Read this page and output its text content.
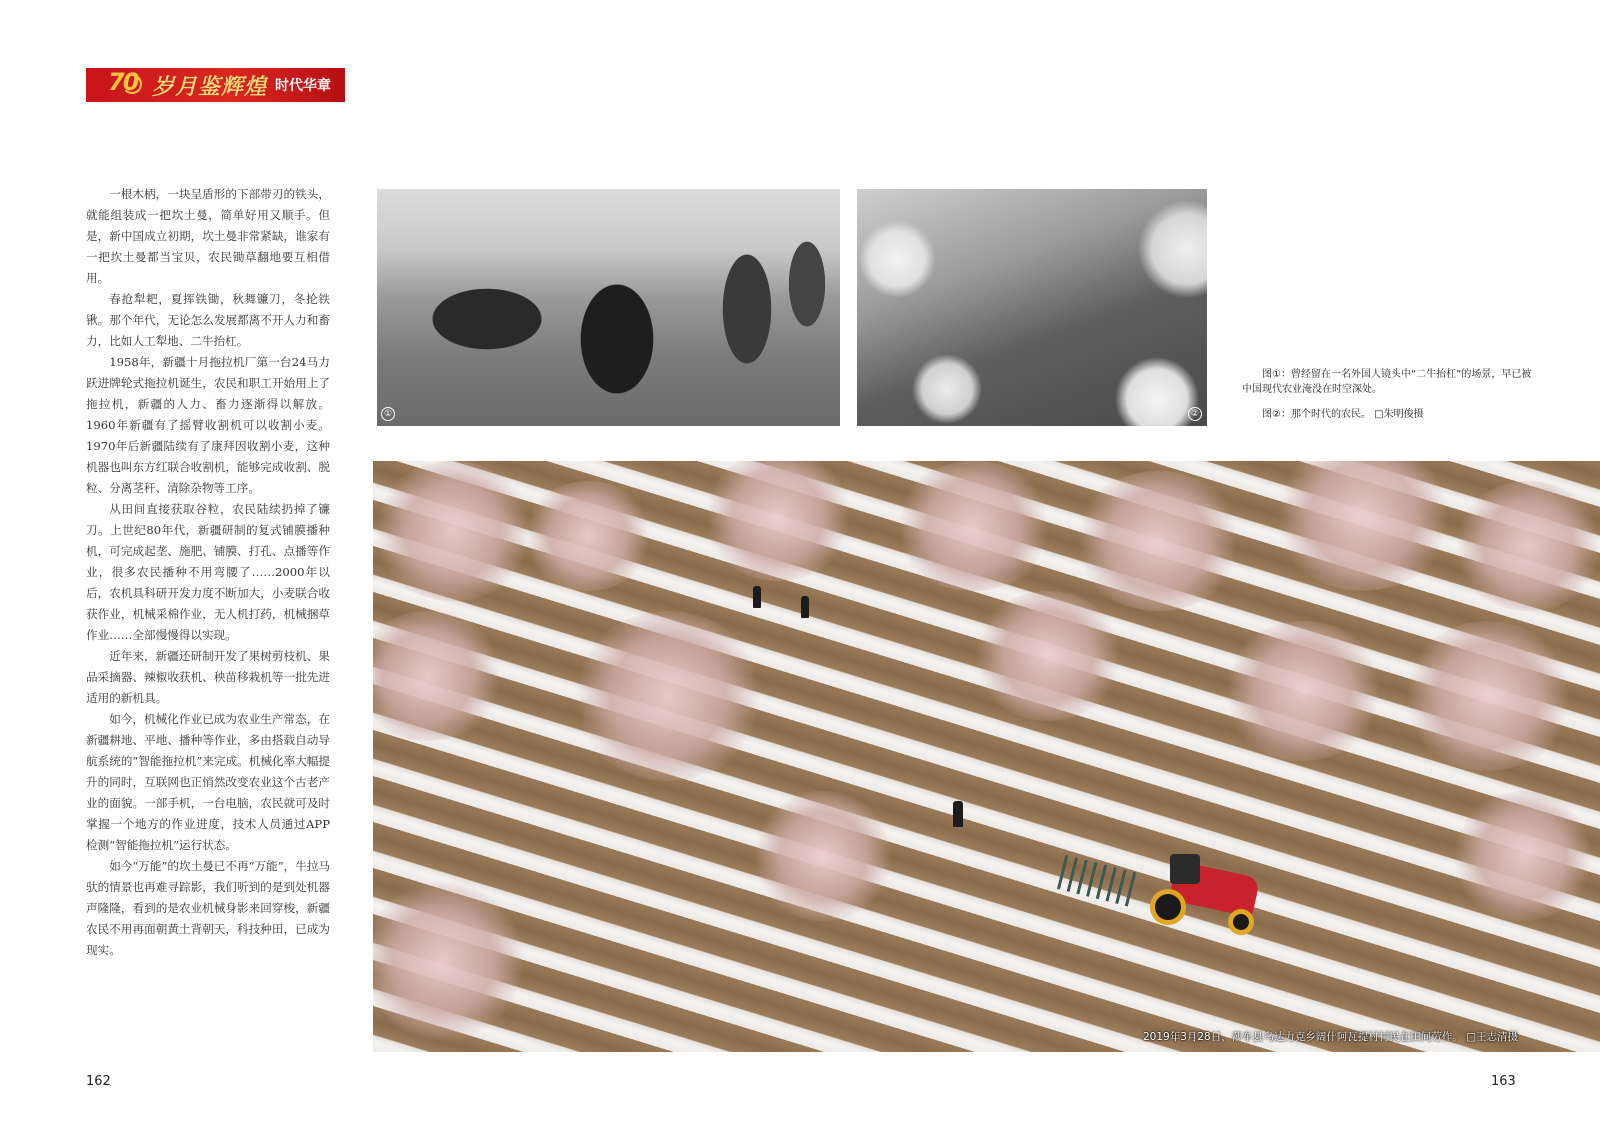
70 岁月鉴辉煌 时代华章

一根木柄，一块呈盾形的下部带刃的铁头，就能组装成一把坎土曼，简单好用又顺手。但是，新中国成立初期，坎土曼非常紧缺，谁家有一把坎土曼都当宝贝，农民锄草翻地要互相借用。

春抢犁耙，夏挥铁锄，秋舞镰刀，冬抡铁锹。那个年代，无论怎么发展都离不开人力和畜力，比如人工犁地、二牛抬杠。

1958年，新疆十月拖拉机厂第一台24马力跃进牌轮式拖拉机诞生，农民和职工开始用上了拖拉机，新疆的人力、畜力逐渐得以解放。1960年新疆有了摇臂收割机可以收割小麦。1970年后新疆陆续有了康拜因收割小麦，这种机器也叫东方红联合收割机，能够完成收割、脱粒、分离茎秆、清除杂物等工序。

从田间直接获取谷粒，农民陆续扔掉了镰刀。上世纪80年代，新疆研制的复式铺膜播种机，可完成起垄、施肥、铺膜、打孔、点播等作业，很多农民播种不用弯腰了……2000年以后，农机具科研开发力度不断加大，小麦联合收获作业，机械采棉作业，无人机打药，机械捆草作业……全部慢慢得以实现。

近年来，新疆还研制开发了果树剪枝机、果品采摘器、辣椒收获机、秧苗移栽机等一批先进适用的新机具。

如今，机械化作业已成为农业生产常态，在新疆耕地、平地、播种等作业，多由搭载自动导航系统的“智能拖拉机”来完成。机械化率大幅提升的同时，互联网也正悄然改变农业这个古老产业的面貌。一部手机，一台电脑，农民就可及时掌握一个地方的作业进度，技术人员通过APP检测“智能拖拉机”运行状态。

如今“万能”的坎土曼已不再“万能”，牛拉马驮的情景也再难寻踪影，我们听到的是到处机器声隆隆，看到的是农业机械身影来回穿梭，新疆农民不用再面朝黄土背朝天，科技种田，已成为现实。

①	②

图①：曾经留在一名外国人镜头中“二牛抬杠”的场景，早已被中国现代农业淹没在时空深处。

图②：那个时代的农民。 □朱明俊摄

2019年3月28日，莎车县乌达力克乡阔什阿瓦提村村民在田间劳作。 □王志清摄
162	163
